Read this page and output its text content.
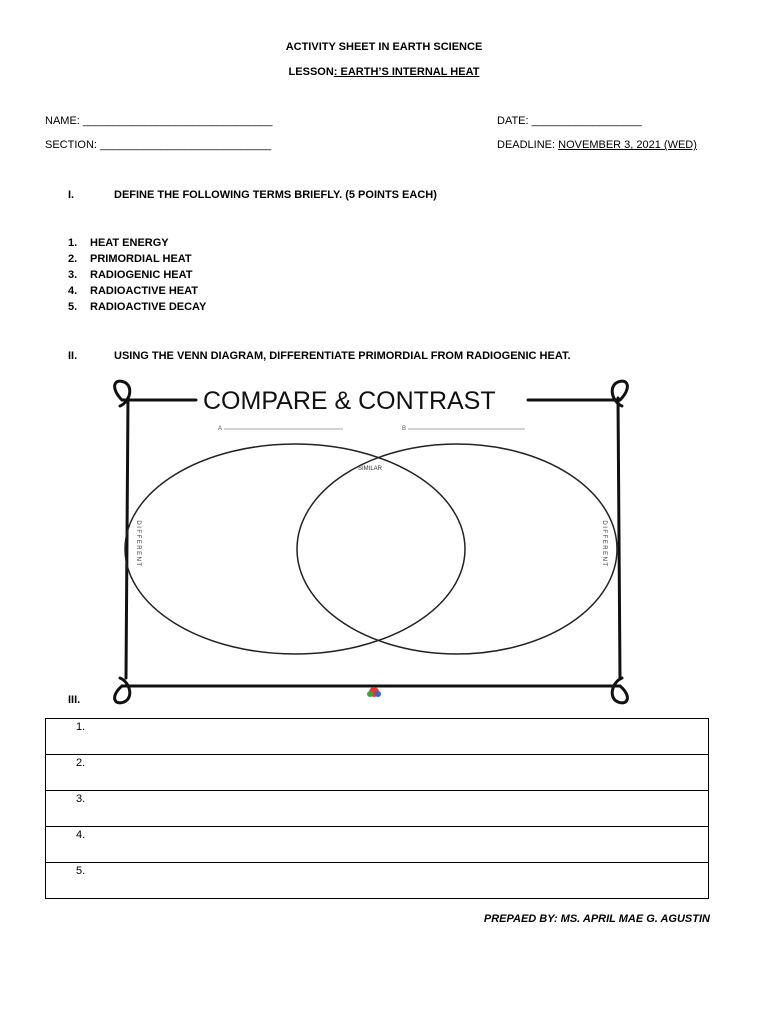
ACTIVITY SHEET IN EARTH SCIENCE
LESSON: EARTH’S INTERNAL HEAT
NAME: _______________________________	DATE: __________________
SECTION: ____________________________	DEADLINE: NOVEMBER 3, 2021 (WED)
I.	DEFINE THE FOLLOWING TERMS BRIEFLY. (5 POINTS EACH)
1. HEAT ENERGY
2. PRIMORDIAL HEAT
3. RADIOGENIC HEAT
4. RADIOACTIVE HEAT
5. RADIOACTIVE DECAY
II.	USING THE VENN DIAGRAM, DIFFERENTIATE PRIMORDIAL FROM RADIOGENIC HEAT.
III.
COMPARE & CONTRAST
A	B
SIMILAR
DIFFERENT	DIFFERENT
1.
2.
3.
4.
5.
PREPAED BY: MS. APRIL MAE G. AGUSTIN
